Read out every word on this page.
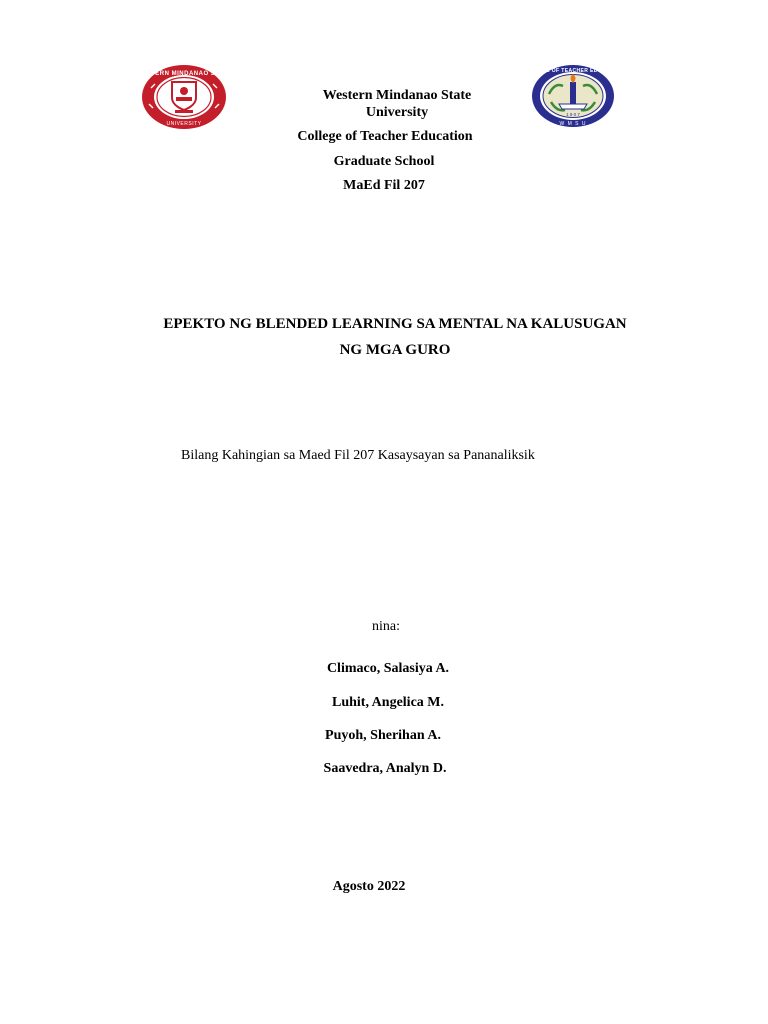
WESTERN MINDANAO STATE
UNIVERSITY
1 9 0 7
COLLEGE OF TEACHER EDUCATION
W M S U
Western Mindanao State
University
College of Teacher Education
Graduate School
MaEd Fil 207
EPEKTO NG BLENDED LEARNING SA MENTAL NA KALUSUGAN
NG MGA GURO
Bilang Kahingian sa Maed Fil 207 Kasaysayan sa Pananaliksik
nina:
Climaco, Salasiya A.
Luhit, Angelica M.
Puyoh, Sherihan A.
Saavedra, Analyn D.
Agosto 2022
